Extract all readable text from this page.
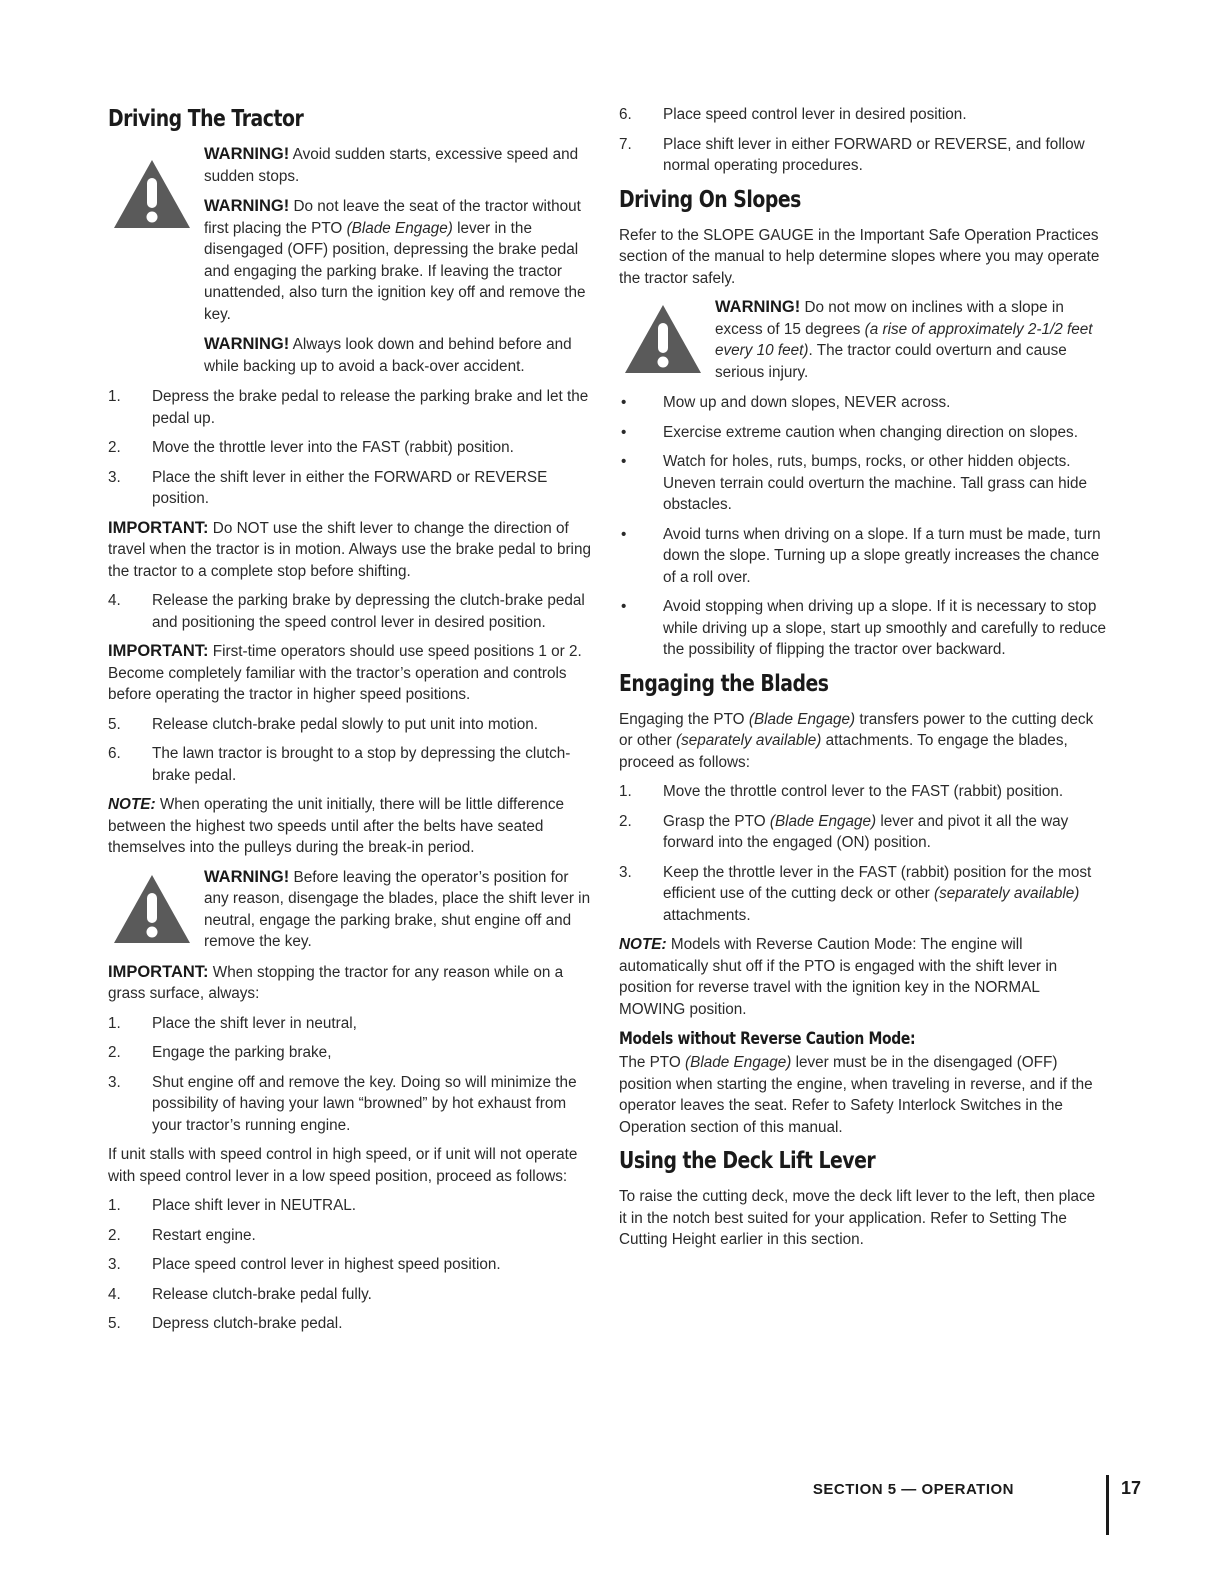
Driving The Tractor

WARNING! Avoid sudden starts, excessive speed and sudden stops.

WARNING! Do not leave the seat of the tractor without first placing the PTO (Blade Engage) lever in the disengaged (OFF) position, depressing the brake pedal and engaging the parking brake. If leaving the tractor unattended, also turn the ignition key off and remove the key.

WARNING! Always look down and behind before and while backing up to avoid a back-over accident.

1. Depress the brake pedal to release the parking brake and let the pedal up.
2. Move the throttle lever into the FAST (rabbit) position.
3. Place the shift lever in either the FORWARD or REVERSE position.

IMPORTANT: Do NOT use the shift lever to change the direction of travel when the tractor is in motion. Always use the brake pedal to bring the tractor to a complete stop before shifting.

4. Release the parking brake by depressing the clutch-brake pedal and positioning the speed control lever in desired position.

IMPORTANT: First-time operators should use speed positions 1 or 2. Become completely familiar with the tractor’s operation and controls before operating the tractor in higher speed positions.

5. Release clutch-brake pedal slowly to put unit into motion.
6. The lawn tractor is brought to a stop by depressing the clutch-brake pedal.

NOTE: When operating the unit initially, there will be little difference between the highest two speeds until after the belts have seated themselves into the pulleys during the break-in period.

WARNING! Before leaving the operator’s position for any reason, disengage the blades, place the shift lever in neutral, engage the parking brake, shut engine off and remove the key.

IMPORTANT: When stopping the tractor for any reason while on a grass surface, always:

1. Place the shift lever in neutral,
2. Engage the parking brake,
3. Shut engine off and remove the key. Doing so will minimize the possibility of having your lawn “browned” by hot exhaust from your tractor’s running engine.

If unit stalls with speed control in high speed, or if unit will not operate with speed control lever in a low speed position, proceed as follows:

1. Place shift lever in NEUTRAL.
2. Restart engine.
3. Place speed control lever in highest speed position.
4. Release clutch-brake pedal fully.
5. Depress clutch-brake pedal.
6. Place speed control lever in desired position.
7. Place shift lever in either FORWARD or REVERSE, and follow normal operating procedures.
Driving On Slopes

Refer to the SLOPE GAUGE in the Important Safe Operation Practices section of the manual to help determine slopes where you may operate the tractor safely.

WARNING! Do not mow on inclines with a slope in excess of 15 degrees (a rise of approximately 2-1/2 feet every 10 feet). The tractor could overturn and cause serious injury.

• Mow up and down slopes, NEVER across.
• Exercise extreme caution when changing direction on slopes.
• Watch for holes, ruts, bumps, rocks, or other hidden objects. Uneven terrain could overturn the machine. Tall grass can hide obstacles.
• Avoid turns when driving on a slope. If a turn must be made, turn down the slope. Turning up a slope greatly increases the chance of a roll over.
• Avoid stopping when driving up a slope. If it is necessary to stop while driving up a slope, start up smoothly and carefully to reduce the possibility of flipping the tractor over backward.
Engaging the Blades

Engaging the PTO (Blade Engage) transfers power to the cutting deck or other (separately available) attachments. To engage the blades, proceed as follows:

1. Move the throttle control lever to the FAST (rabbit) position.
2. Grasp the PTO (Blade Engage) lever and pivot it all the way forward into the engaged (ON) position.
3. Keep the throttle lever in the FAST (rabbit) position for the most efficient use of the cutting deck or other (separately available) attachments.

NOTE: Models with Reverse Caution Mode: The engine will automatically shut off if the PTO is engaged with the shift lever in position for reverse travel with the ignition key in the NORMAL MOWING position.

Models without Reverse Caution Mode:

The PTO (Blade Engage) lever must be in the disengaged (OFF) position when starting the engine, when traveling in reverse, and if the operator leaves the seat. Refer to Safety Interlock Switches in the Operation section of this manual.

Using the Deck Lift Lever

To raise the cutting deck, move the deck lift lever to the left, then place it in the notch best suited for your application. Refer to Setting The Cutting Height earlier in this section.

SECTION 5 — OPERATION	17
